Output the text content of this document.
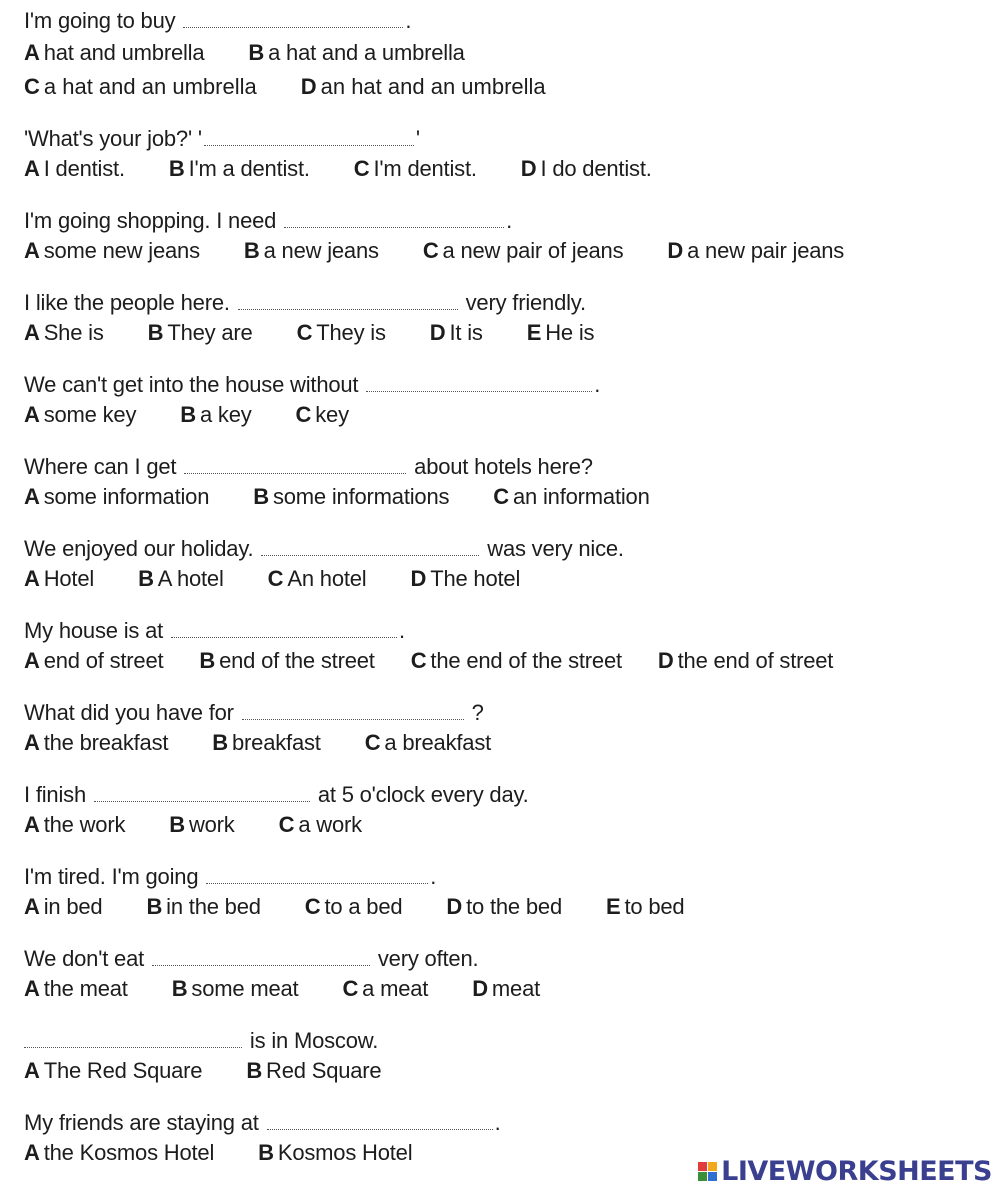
I'm going to buy	.
A hat and umbrella B a hat and a umbrella
C a hat and an umbrella D an hat and an umbrella
'What's your job?' '	'
A I dentist. B I'm a dentist. C I'm dentist. D I do dentist.
I'm going shopping. I need	.
A some new jeans B a new jeans C a new pair of jeans D a new pair jeans
I like the people here.	very friendly.
A She is B They are C They is D It is E He is
We can't get into the house without	.
A some key B a key C key
Where can I get	about hotels here?
A some information B some informations C an information
We enjoyed our holiday.	was very nice.
A Hotel B A hotel C An hotel D The hotel
My house is at	.
A end of street B end of the street C the end of the street D the end of street
What did you have for	?
A the breakfast B breakfast C a breakfast
I finish	at 5 o'clock every day.
A the work B work C a work
I'm tired. I'm going	.
A in bed B in the bed C to a bed D to the bed E to bed
We don't eat	very often.
A the meat B some meat C a meat D meat
is in Moscow.
A The Red Square B Red Square
My friends are staying at	.
A the Kosmos Hotel B Kosmos Hotel
LIVEWORKSHEETS
